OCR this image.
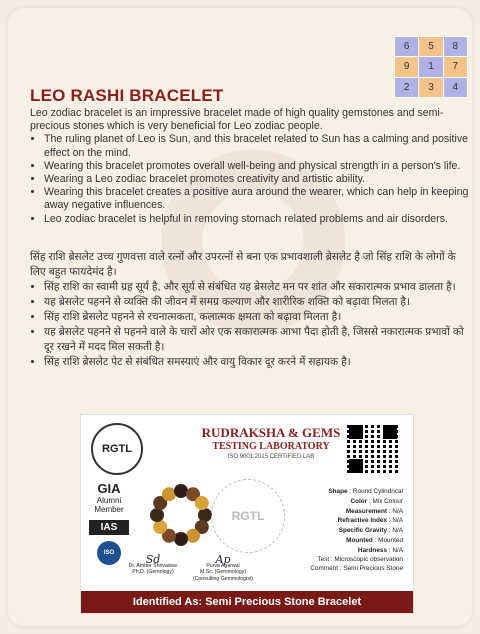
6	5	8
9	1	7
2	3	4
LEO RASHI BRACELET

Leo zodiac bracelet is an impressive bracelet made of high quality gemstones and semi-precious stones which is very beneficial for Leo zodiac people.

• The ruling planet of Leo is Sun, and this bracelet related to Sun has a calming and positive effect on the mind.
• Wearing this bracelet promotes overall well-being and physical strength in a person's life.
• Wearing a Leo zodiac bracelet promotes creativity and artistic ability.
• Wearing this bracelet creates a positive aura around the wearer, which can help in keeping away negative influences.
• Leo zodiac bracelet is helpful in removing stomach related problems and air disorders.

सिंह राशि ब्रेसलेट उच्च गुणवत्ता वाले रत्नों और उपरत्नों से बना एक प्रभावशाली ब्रेसलेट है जो सिंह राशि के लोगों के लिए बहुत फायदेमंद है।

• सिंह राशि का स्वामी ग्रह सूर्य है, और सूर्य से संबंधित यह ब्रेसलेट मन पर शांत और सकारात्मक प्रभाव डालता है।
• यह ब्रेसलेट पहनने से व्यक्ति की जीवन में समग्र कल्याण और शारीरिक शक्ति को बढ़ावा मिलता है।
• सिंह राशि ब्रेसलेट पहनने से रचनात्मकता, कलात्मक क्षमता को बढ़ावा मिलता है।
• यह ब्रेसलेट पहनने से पहनने वाले के चारों ओर एक सकारात्मक आभा पैदा होती है, जिससे नकारात्मक प्रभावों को दूर रखने में मदद मिल सकती है।
• सिंह राशि ब्रेसलेट पेट से संबंधित समस्याएं और वायु विकार दूर करने में सहायक है।
RGTL
RUDRAKSHA & GEMS
TESTING LABORATORY
ISO 9001:2015 CERTIFIED LAB
GIA
Alumni Member
IAS
ISO
RGTL
Shape : Round Cylindrical
Color : Mix Colour
Measurement : N/A
Refractive Index : N/A
Specific Gravity : N/A
Mounted : Mounted
Hardness : N/A
Test : Microscopic observation
Comment : Semi Precious Stone
Sd
Dr. Amber Shrivastav
Ph.D. (Gemology)
Ap
Purva Agarwal
M.Sc. (Gemmology) (Consulting Gemmologist)
Identified As: Semi Precious Stone Bracelet
